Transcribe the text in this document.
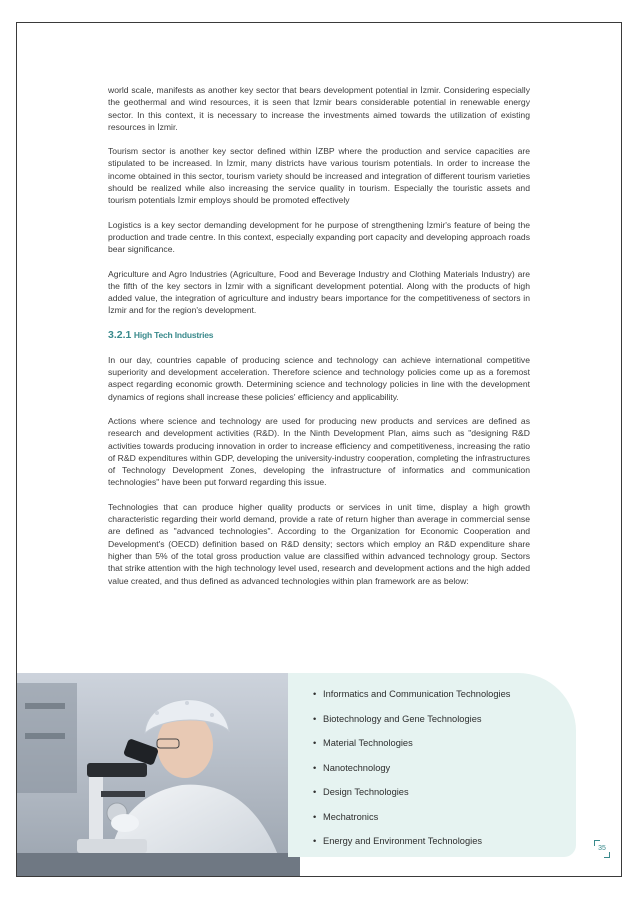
world scale, manifests as another key sector that bears development potential in İzmir. Considering especially the geothermal and wind resources, it is seen that İzmir bears considerable potential in renewable energy sector. In this context, it is necessary to increase the investments aimed towards the utilization of existing resources in İzmir.

Tourism sector is another key sector defined within İZBP where the production and service capacities are stipulated to be increased. In İzmir, many districts have various tourism potentials. In order to increase the income obtained in this sector, tourism variety should be increased and integration of different tourism varieties should be realized while also increasing the service quality in tourism. Especially the touristic assets and tourism potentials İzmir employs should be promoted effectively

Logistics is a key sector demanding development for he purpose of strengthening İzmir's feature of being the production and trade centre. In this context, especially expanding port capacity and developing approach roads bear significance.

Agriculture and Agro Industries (Agriculture, Food and Beverage Industry and Clothing Materials Industry) are the fifth of the key sectors in İzmir with a significant development potential. Along with the products of high added value, the integration of agriculture and industry bears importance for the competitiveness of sectors in İzmir and for the region's development.

3.2.1 High Tech Industries

In our day, countries capable of producing science and technology can achieve international competitive superiority and development acceleration. Therefore science and technology policies come up as a foremost aspect regarding economic growth. Determining science and technology policies in line with the development dynamics of regions shall increase these policies' efficiency and applicability.

Actions where science and technology are used for producing new products and services are defined as research and development activities (R&D). In the Ninth Development Plan, aims such as "designing R&D activities towards producing innovation in order to increase efficiency and competitiveness, increasing the ratio of R&D expenditures within GDP, developing the university-industry cooperation, completing the infrastructures of Technology Development Zones, developing the infrastructure of informatics and communication technologies" have been put forward regarding this issue.

Technologies that can produce higher quality products or services in unit time, display a high growth characteristic regarding their world demand, provide a rate of return higher than average in commercial sense are defined as "advanced technologies". According to the Organization for Economic Cooperation and Development's (OECD) definition based on R&D density; sectors which employ an R&D expenditure share higher than 5% of the total gross production value are classified within advanced technology group. Sectors that strike attention with the high technology level used, research and development actions and the high added value created, and thus defined as advanced technologies within plan framework are as below:

• Informatics and Communication Technologies
• Biotechnology and Gene Technologies
• Material Technologies
• Nanotechnology
• Design Technologies
• Mechatronics
• Energy and Environment Technologies
35
